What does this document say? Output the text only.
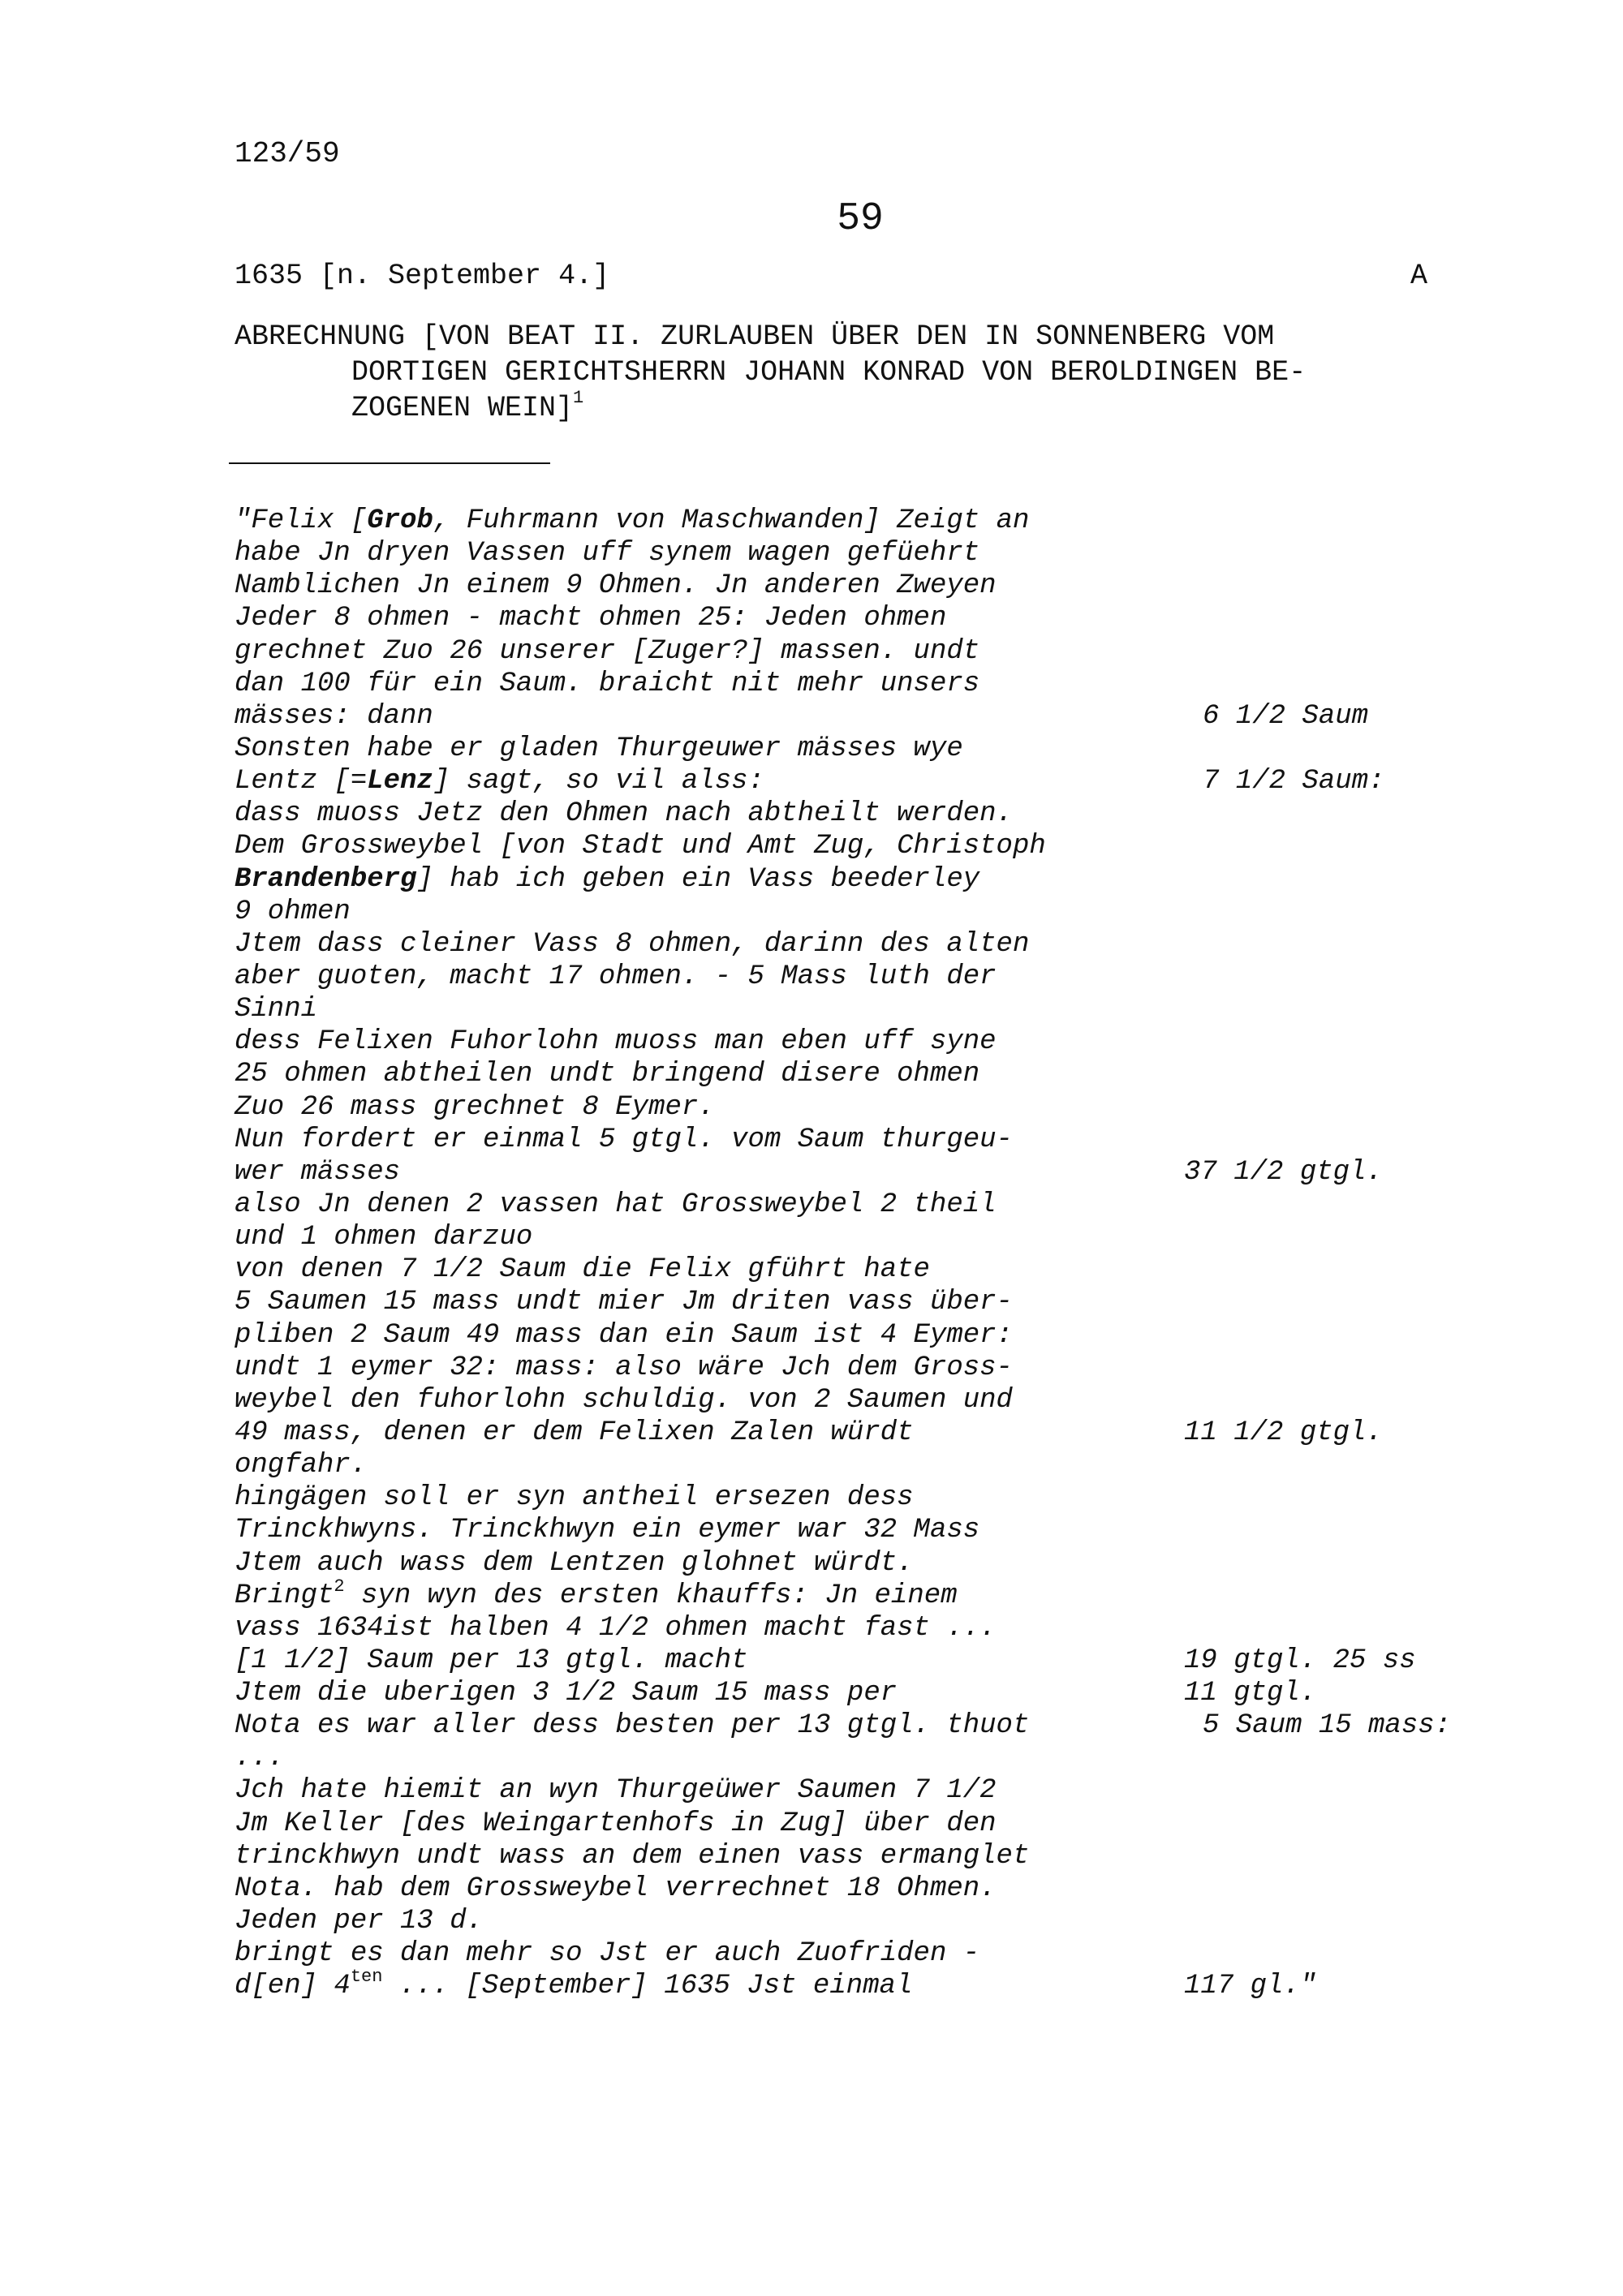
123/59
59
1635 [n. September 4.]	A
ABRECHNUNG [VON BEAT II. ZURLAUBEN ÜBER DEN IN SONNENBERG VOM
DORTIGEN GERICHTSHERRN JOHANN KONRAD VON BEROLDINGEN BE-
ZOGENEN WEIN]$^1$
"Felix [Grob, Fuhrmann von Maschwanden] Zeigt an
habe Jn dryen Vassen uff synem wagen gefüehrt
Namblichen Jn einem 9 Ohmen. Jn anderen Zweyen
Jeder 8 ohmen - macht ohmen 25: Jeden ohmen
grechnet Zuo 26 unserer [Zuger?] massen. undt
dan 100 für ein Saum. braicht nit mehr unsers
mässes: dann	6 1/2 Saum
Sonsten habe er gladen Thurgeuwer mässes wye
Lentz [=Lenz] sagt, so vil alss:	7 1/2 Saum:
dass muoss Jetz den Ohmen nach abtheilt werden.
Dem Grossweybel [von Stadt und Amt Zug, Christoph
Brandenberg] hab ich geben ein Vass beederley
9 ohmen
Jtem dass cleiner Vass 8 ohmen, darinn des alten
aber guoten, macht 17 ohmen. - 5 Mass luth der
Sinni
dess Felixen Fuhorlohn muoss man eben uff syne
25 ohmen abtheilen undt bringend disere ohmen
Zuo 26 mass grechnet 8 Eymer.
Nun fordert er einmal 5 gtgl. vom Saum thurgeu-
wer mässes	37 1/2 gtgl.
also Jn denen 2 vassen hat Grossweybel 2 theil
und 1 ohmen darzuo
von denen 7 1/2 Saum die Felix gführt hate
5 Saumen 15 mass undt mier Jm driten vass über-
pliben 2 Saum 49 mass dan ein Saum ist 4 Eymer:
undt 1 eymer 32: mass: also wäre Jch dem Gross-
weybel den fuhorlohn schuldig. von 2 Saumen und
49 mass, denen er dem Felixen Zalen würdt	11 1/2 gtgl.
ongfahr.
hingägen soll er syn antheil ersezen dess
Trinckhwyns. Trinckhwyn ein eymer war 32 Mass
Jtem auch wass dem Lentzen glohnet würdt.
Bringt$^2$ syn wyn des ersten khauffs: Jn einem
vass 1634ist halben 4 1/2 ohmen macht fast ...
[1 1/2] Saum per 13 gtgl. macht	19 gtgl. 25 ss
Jtem die uberigen 3 1/2 Saum 15 mass per	11 gtgl.
Nota es war aller dess besten per 13 gtgl. thuot	5 Saum 15 mass:
...
Jch hate hiemit an wyn Thurgeüwer Saumen 7 1/2
Jm Keller [des Weingartenhofs in Zug] über den
trinckhwyn undt wass an dem einen vass ermanglet
Nota. hab dem Grossweybel verrechnet 18 Ohmen.
Jeden per 13 d.
bringt es dan mehr so Jst er auch Zuofriden -
d[en] $4^{ten}$ ... [September] 1635 Jst einmal	117 gl."
